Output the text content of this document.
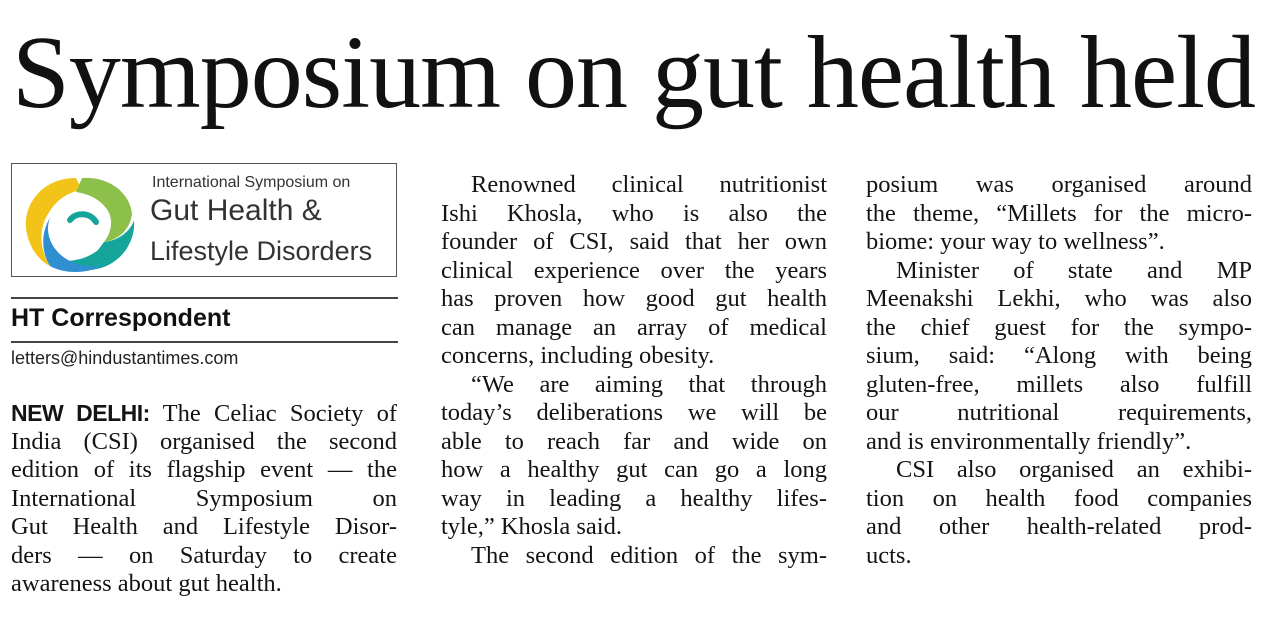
Symposium on gut health held
International Symposium on
Gut Health &
Lifestyle Disorders
HT Correspondent
letters@hindustantimes.com
NEW DELHI: The Celiac Society of
India (CSI) organised the second
edition of its flagship event — the
International Symposium on
Gut Health and Lifestyle Disor-
ders — on Saturday to create
awareness about gut health.
Renowned clinical nutritionist
Ishi Khosla, who is also the
founder of CSI, said that her own
clinical experience over the years
has proven how good gut health
can manage an array of medical
concerns, including obesity.
“We are aiming that through
today’s deliberations we will be
able to reach far and wide on
how a healthy gut can go a long
way in leading a healthy lifes-
tyle,” Khosla said.
The second edition of the sym-
posium was organised around
the theme, “Millets for the micro-
biome: your way to wellness”.
Minister of state and MP
Meenakshi Lekhi, who was also
the chief guest for the sympo-
sium, said: “Along with being
gluten-free, millets also fulfill
our nutritional requirements,
and is environmentally friendly”.
CSI also organised an exhibi-
tion on health food companies
and other health-related prod-
ucts.
